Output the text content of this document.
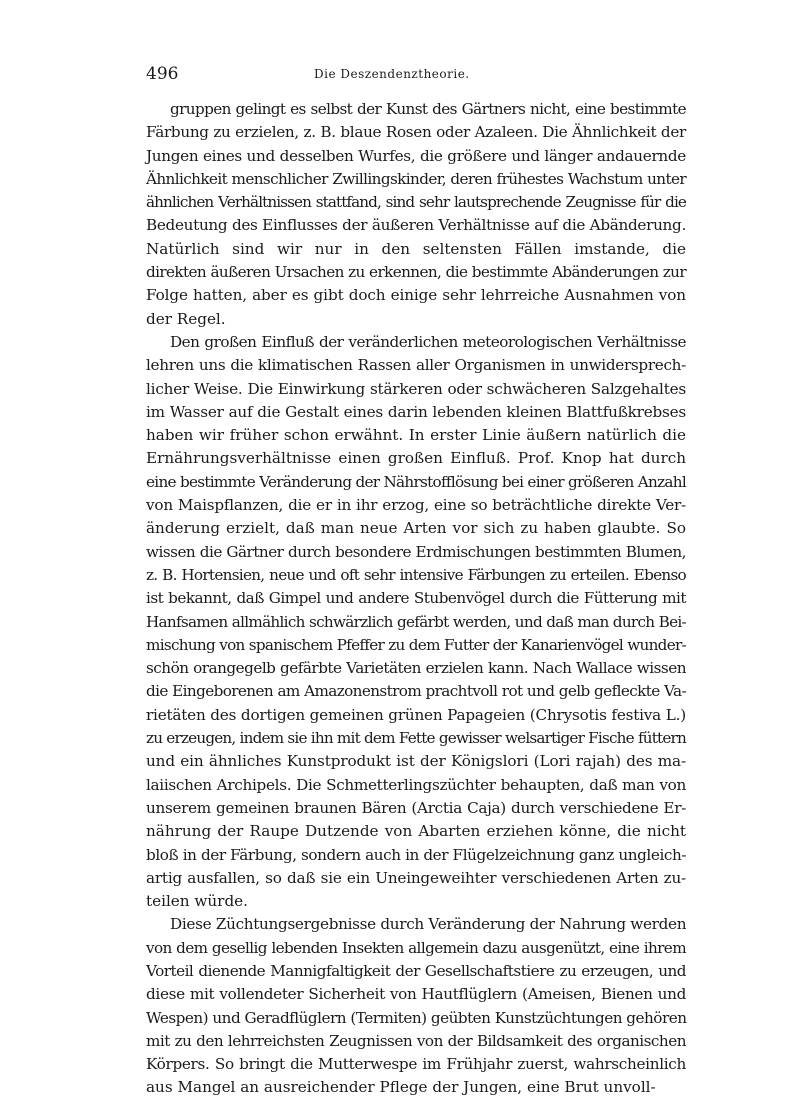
496	Die Deszendenztheorie.
gruppen gelingt es selbst der Kunst des Gärtners nicht, eine bestimmte
Färbung zu erzielen, z. B. blaue Rosen oder Azaleen. Die Ähnlichkeit der
Jungen eines und desselben Wurfes, die größere und länger andauernde
Ähnlichkeit menschlicher Zwillingskinder, deren frühestes Wachstum unter
ähnlichen Verhältnissen stattfand, sind sehr lautsprechende Zeugnisse für die
Bedeutung des Einflusses der äußeren Verhältnisse auf die Abänderung.
Natürlich sind wir nur in den seltensten Fällen imstande, die
direkten äußeren Ursachen zu erkennen, die bestimmte Abänderungen zur
Folge hatten, aber es gibt doch einige sehr lehrreiche Ausnahmen von
der Regel.
Den großen Einfluß der veränderlichen meteorologischen Verhältnisse
lehren uns die klimatischen Rassen aller Organismen in unwidersprech-
licher Weise. Die Einwirkung stärkeren oder schwächeren Salzgehaltes
im Wasser auf die Gestalt eines darin lebenden kleinen Blattfußkrebses
haben wir früher schon erwähnt. In erster Linie äußern natürlich die
Ernährungsverhältnisse einen großen Einfluß. Prof. Knop hat durch
eine bestimmte Veränderung der Nährstofflösung bei einer größeren Anzahl
von Maispflanzen, die er in ihr erzog, eine so beträchtliche direkte Ver-
änderung erzielt, daß man neue Arten vor sich zu haben glaubte. So
wissen die Gärtner durch besondere Erdmischungen bestimmten Blumen,
z. B. Hortensien, neue und oft sehr intensive Färbungen zu erteilen. Ebenso
ist bekannt, daß Gimpel und andere Stubenvögel durch die Fütterung mit
Hanfsamen allmählich schwärzlich gefärbt werden, und daß man durch Bei-
mischung von spanischem Pfeffer zu dem Futter der Kanarienvögel wunder-
schön orangegelb gefärbte Varietäten erzielen kann. Nach Wallace wissen
die Eingeborenen am Amazonenstrom prachtvoll rot und gelb gefleckte Va-
rietäten des dortigen gemeinen grünen Papageien (Chrysotis festiva L.)
zu erzeugen, indem sie ihn mit dem Fette gewisser welsartiger Fische füttern
und ein ähnliches Kunstprodukt ist der Königslori (Lori rajah) des ma-
laiischen Archipels. Die Schmetterlingszüchter behaupten, daß man von
unserem gemeinen braunen Bären (Arctia Caja) durch verschiedene Er-
nährung der Raupe Dutzende von Abarten erziehen könne, die nicht
bloß in der Färbung, sondern auch in der Flügelzeichnung ganz ungleich-
artig ausfallen, so daß sie ein Uneingeweihter verschiedenen Arten zu-
teilen würde.
Diese Züchtungsergebnisse durch Veränderung der Nahrung werden
von dem gesellig lebenden Insekten allgemein dazu ausgenützt, eine ihrem
Vorteil dienende Mannigfaltigkeit der Gesellschaftstiere zu erzeugen, und
diese mit vollendeter Sicherheit von Hautflüglern (Ameisen, Bienen und
Wespen) und Geradflüglern (Termiten) geübten Kunstzüchtungen gehören
mit zu den lehrreichsten Zeugnissen von der Bildsamkeit des organischen
Körpers. So bringt die Mutterwespe im Frühjahr zuerst, wahrscheinlich
aus Mangel an ausreichender Pflege der Jungen, eine Brut unvoll-
